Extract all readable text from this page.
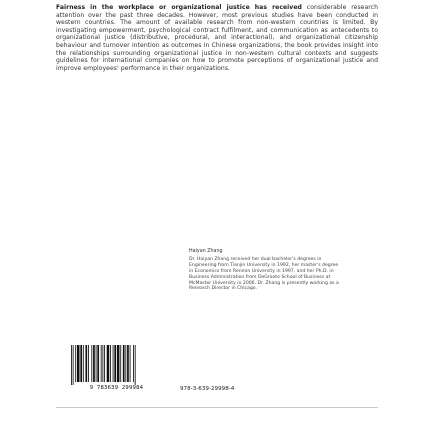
Fairness in the workplace or organizational justice has received considerable research attention over the past three decades. However, most previous studies have been conducted in western countries. The amount of available research from non-western countries is limited. By investigating empowerment, psychological contract fulfilment, and communication as antecedents to organizational justice (distributive, procedural, and interactional), and organizational citizenship behaviour and turnover intention as outcomes in Chinese organizations, the book provides insight into the relationships surrounding organizational justice in non-western cultural contexts and suggests guidelines for international companies on how to promote perceptions of organizational justice and improve employees' performance in their organizations.
Haiyan Zhang
Dr. Haiyan Zhang received her dual bachelor's degrees in Engineering from Tianjin University in 1992, her master's degree in Economics from Renmin University in 1997, and her Ph.D. in Business Administration from DeGroote School of Business at McMaster University in 2006. Dr. Zhang is presently working as a Research Director in Chicago.
9 783639 299984	978-3-639-29998-4
